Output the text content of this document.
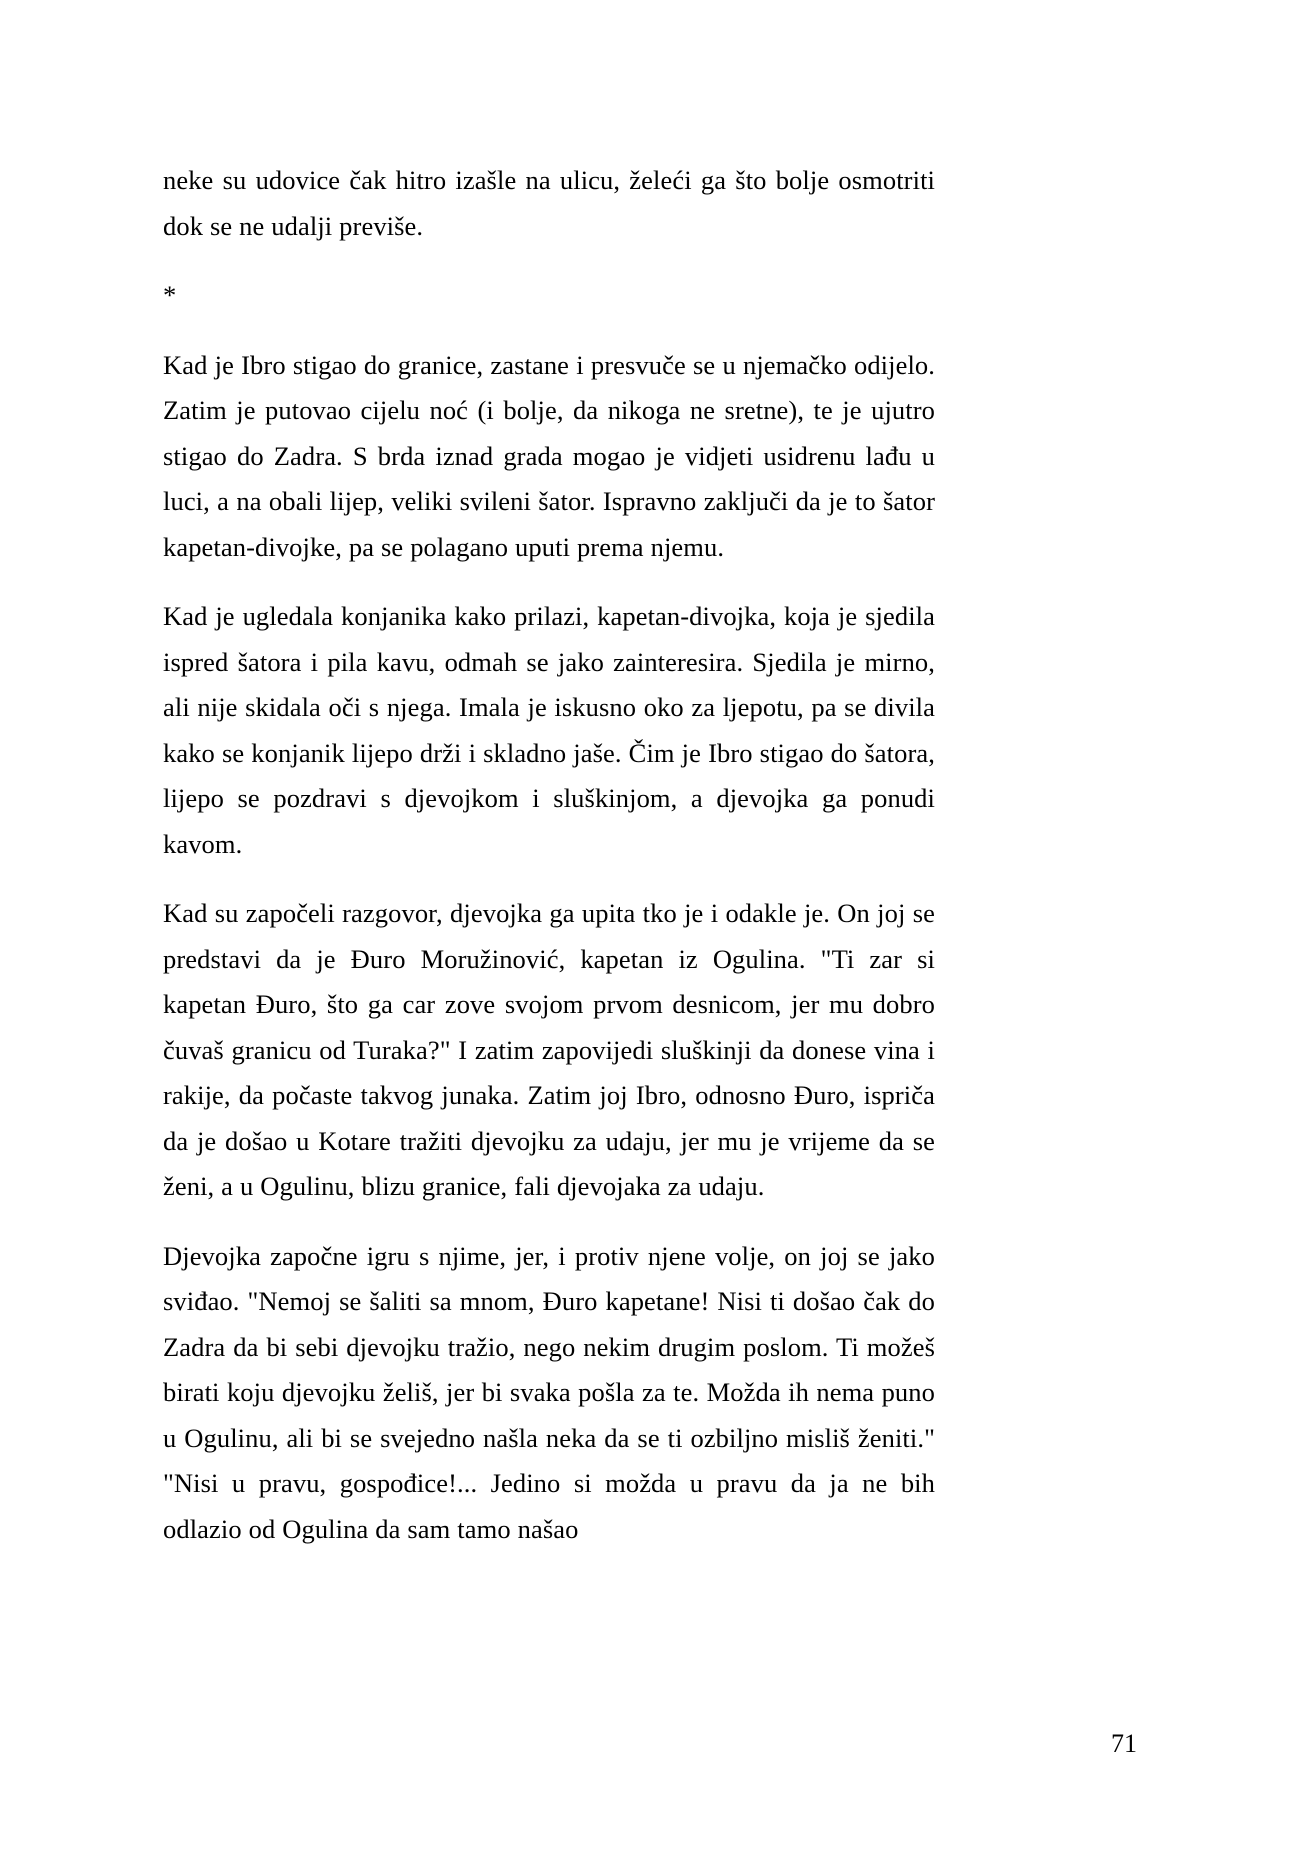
neke su udovice čak hitro izašle na ulicu, želeći ga što bolje osmotriti dok se ne udalji previše.

*

Kad je Ibro stigao do granice, zastane i presvuče se u njemačko odijelo. Zatim je putovao cijelu noć (i bolje, da nikoga ne sretne), te je ujutro stigao do Zadra. S brda iznad grada mogao je vidjeti usidrenu lađu u luci, a na obali lijep, veliki svileni šator. Ispravno zaključi da je to šator kapetan-divojke, pa se polagano uputi prema njemu.

Kad je ugledala konjanika kako prilazi, kapetan-divojka, koja je sjedila ispred šatora i pila kavu, odmah se jako zainteresira. Sjedila je mirno, ali nije skidala oči s njega. Imala je iskusno oko za ljepotu, pa se divila kako se konjanik lijepo drži i skladno jaše. Čim je Ibro stigao do šatora, lijepo se pozdravi s djevojkom i sluškinjom, a djevojka ga ponudi kavom.

Kad su započeli razgovor, djevojka ga upita tko je i odakle je. On joj se predstavi da je Đuro Moružinović, kapetan iz Ogulina. "Ti zar si kapetan Đuro, što ga car zove svojom prvom desnicom, jer mu dobro čuvaš granicu od Turaka?" I zatim zapovijedi sluškinji da donese vina i rakije, da počaste takvog junaka. Zatim joj Ibro, odnosno Đuro, ispriča da je došao u Kotare tražiti djevojku za udaju, jer mu je vrijeme da se ženi, a u Ogulinu, blizu granice, fali djevojaka za udaju.

Djevojka započne igru s njime, jer, i protiv njene volje, on joj se jako sviđao. "Nemoj se šaliti sa mnom, Đuro kapetane! Nisi ti došao čak do Zadra da bi sebi djevojku tražio, nego nekim drugim poslom. Ti možeš birati koju djevojku želiš, jer bi svaka pošla za te. Možda ih nema puno u Ogulinu, ali bi se svejedno našla neka da se ti ozbiljno misliš ženiti." "Nisi u pravu, gospođice!... Jedino si možda u pravu da ja ne bih odlazio od Ogulina da sam tamo našao

71
